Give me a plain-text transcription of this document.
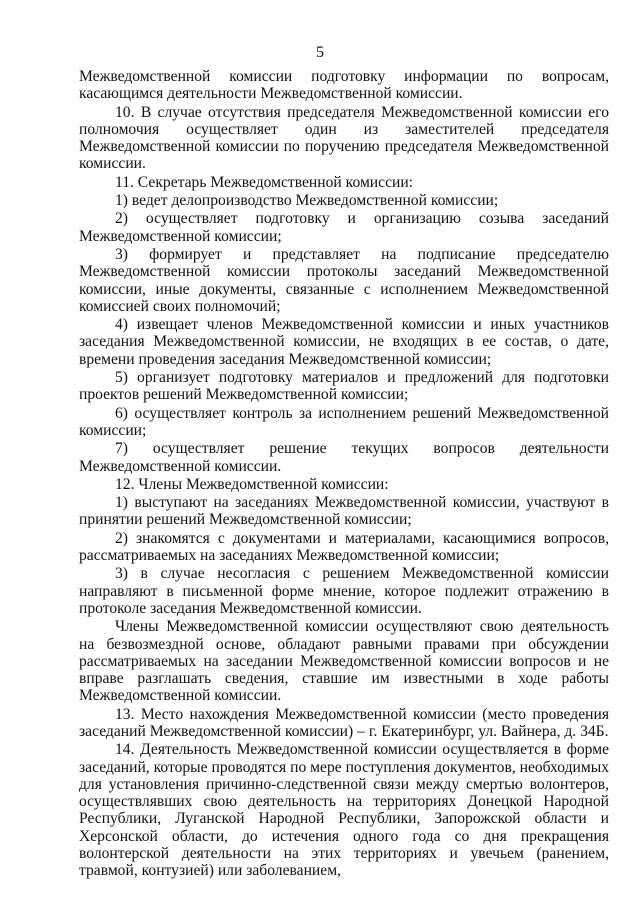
5

Межведомственной комиссии подготовку информации по вопросам, касающимся деятельности Межведомственной комиссии.

10. В случае отсутствия председателя Межведомственной комиссии его полномочия осуществляет один из заместителей председателя Межведомственной комиссии по поручению председателя Межведомственной комиссии.

11. Секретарь Межведомственной комиссии:

1) ведет делопроизводство Межведомственной комиссии;

2) осуществляет подготовку и организацию созыва заседаний Межведомственной комиссии;

3) формирует и представляет на подписание председателю Межведомственной комиссии протоколы заседаний Межведомственной комиссии, иные документы, связанные с исполнением Межведомственной комиссией своих полномочий;

4) извещает членов Межведомственной комиссии и иных участников заседания Межведомственной комиссии, не входящих в ее состав, о дате, времени проведения заседания Межведомственной комиссии;

5) организует подготовку материалов и предложений для подготовки проектов решений Межведомственной комиссии;

6) осуществляет контроль за исполнением решений Межведомственной комиссии;

7) осуществляет решение текущих вопросов деятельности Межведомственной комиссии.

12. Члены Межведомственной комиссии:

1) выступают на заседаниях Межведомственной комиссии, участвуют в принятии решений Межведомственной комиссии;

2) знакомятся с документами и материалами, касающимися вопросов, рассматриваемых на заседаниях Межведомственной комиссии;

3) в случае несогласия с решением Межведомственной комиссии направляют в письменной форме мнение, которое подлежит отражению в протоколе заседания Межведомственной комиссии.

Члены Межведомственной комиссии осуществляют свою деятельность на безвозмездной основе, обладают равными правами при обсуждении рассматриваемых на заседании Межведомственной комиссии вопросов и не вправе разглашать сведения, ставшие им известными в ходе работы Межведомственной комиссии.

13. Место нахождения Межведомственной комиссии (место проведения заседаний Межведомственной комиссии) – г. Екатеринбург, ул. Вайнера, д. 34Б.

14. Деятельность Межведомственной комиссии осуществляется в форме заседаний, которые проводятся по мере поступления документов, необходимых для установления причинно-следственной связи между смертью волонтеров, осуществлявших свою деятельность на территориях Донецкой Народной Республики, Луганской Народной Республики, Запорожской области и Херсонской области, до истечения одного года со дня прекращения волонтерской деятельности на этих территориях и увечьем (ранением, травмой, контузией) или заболеванием,
